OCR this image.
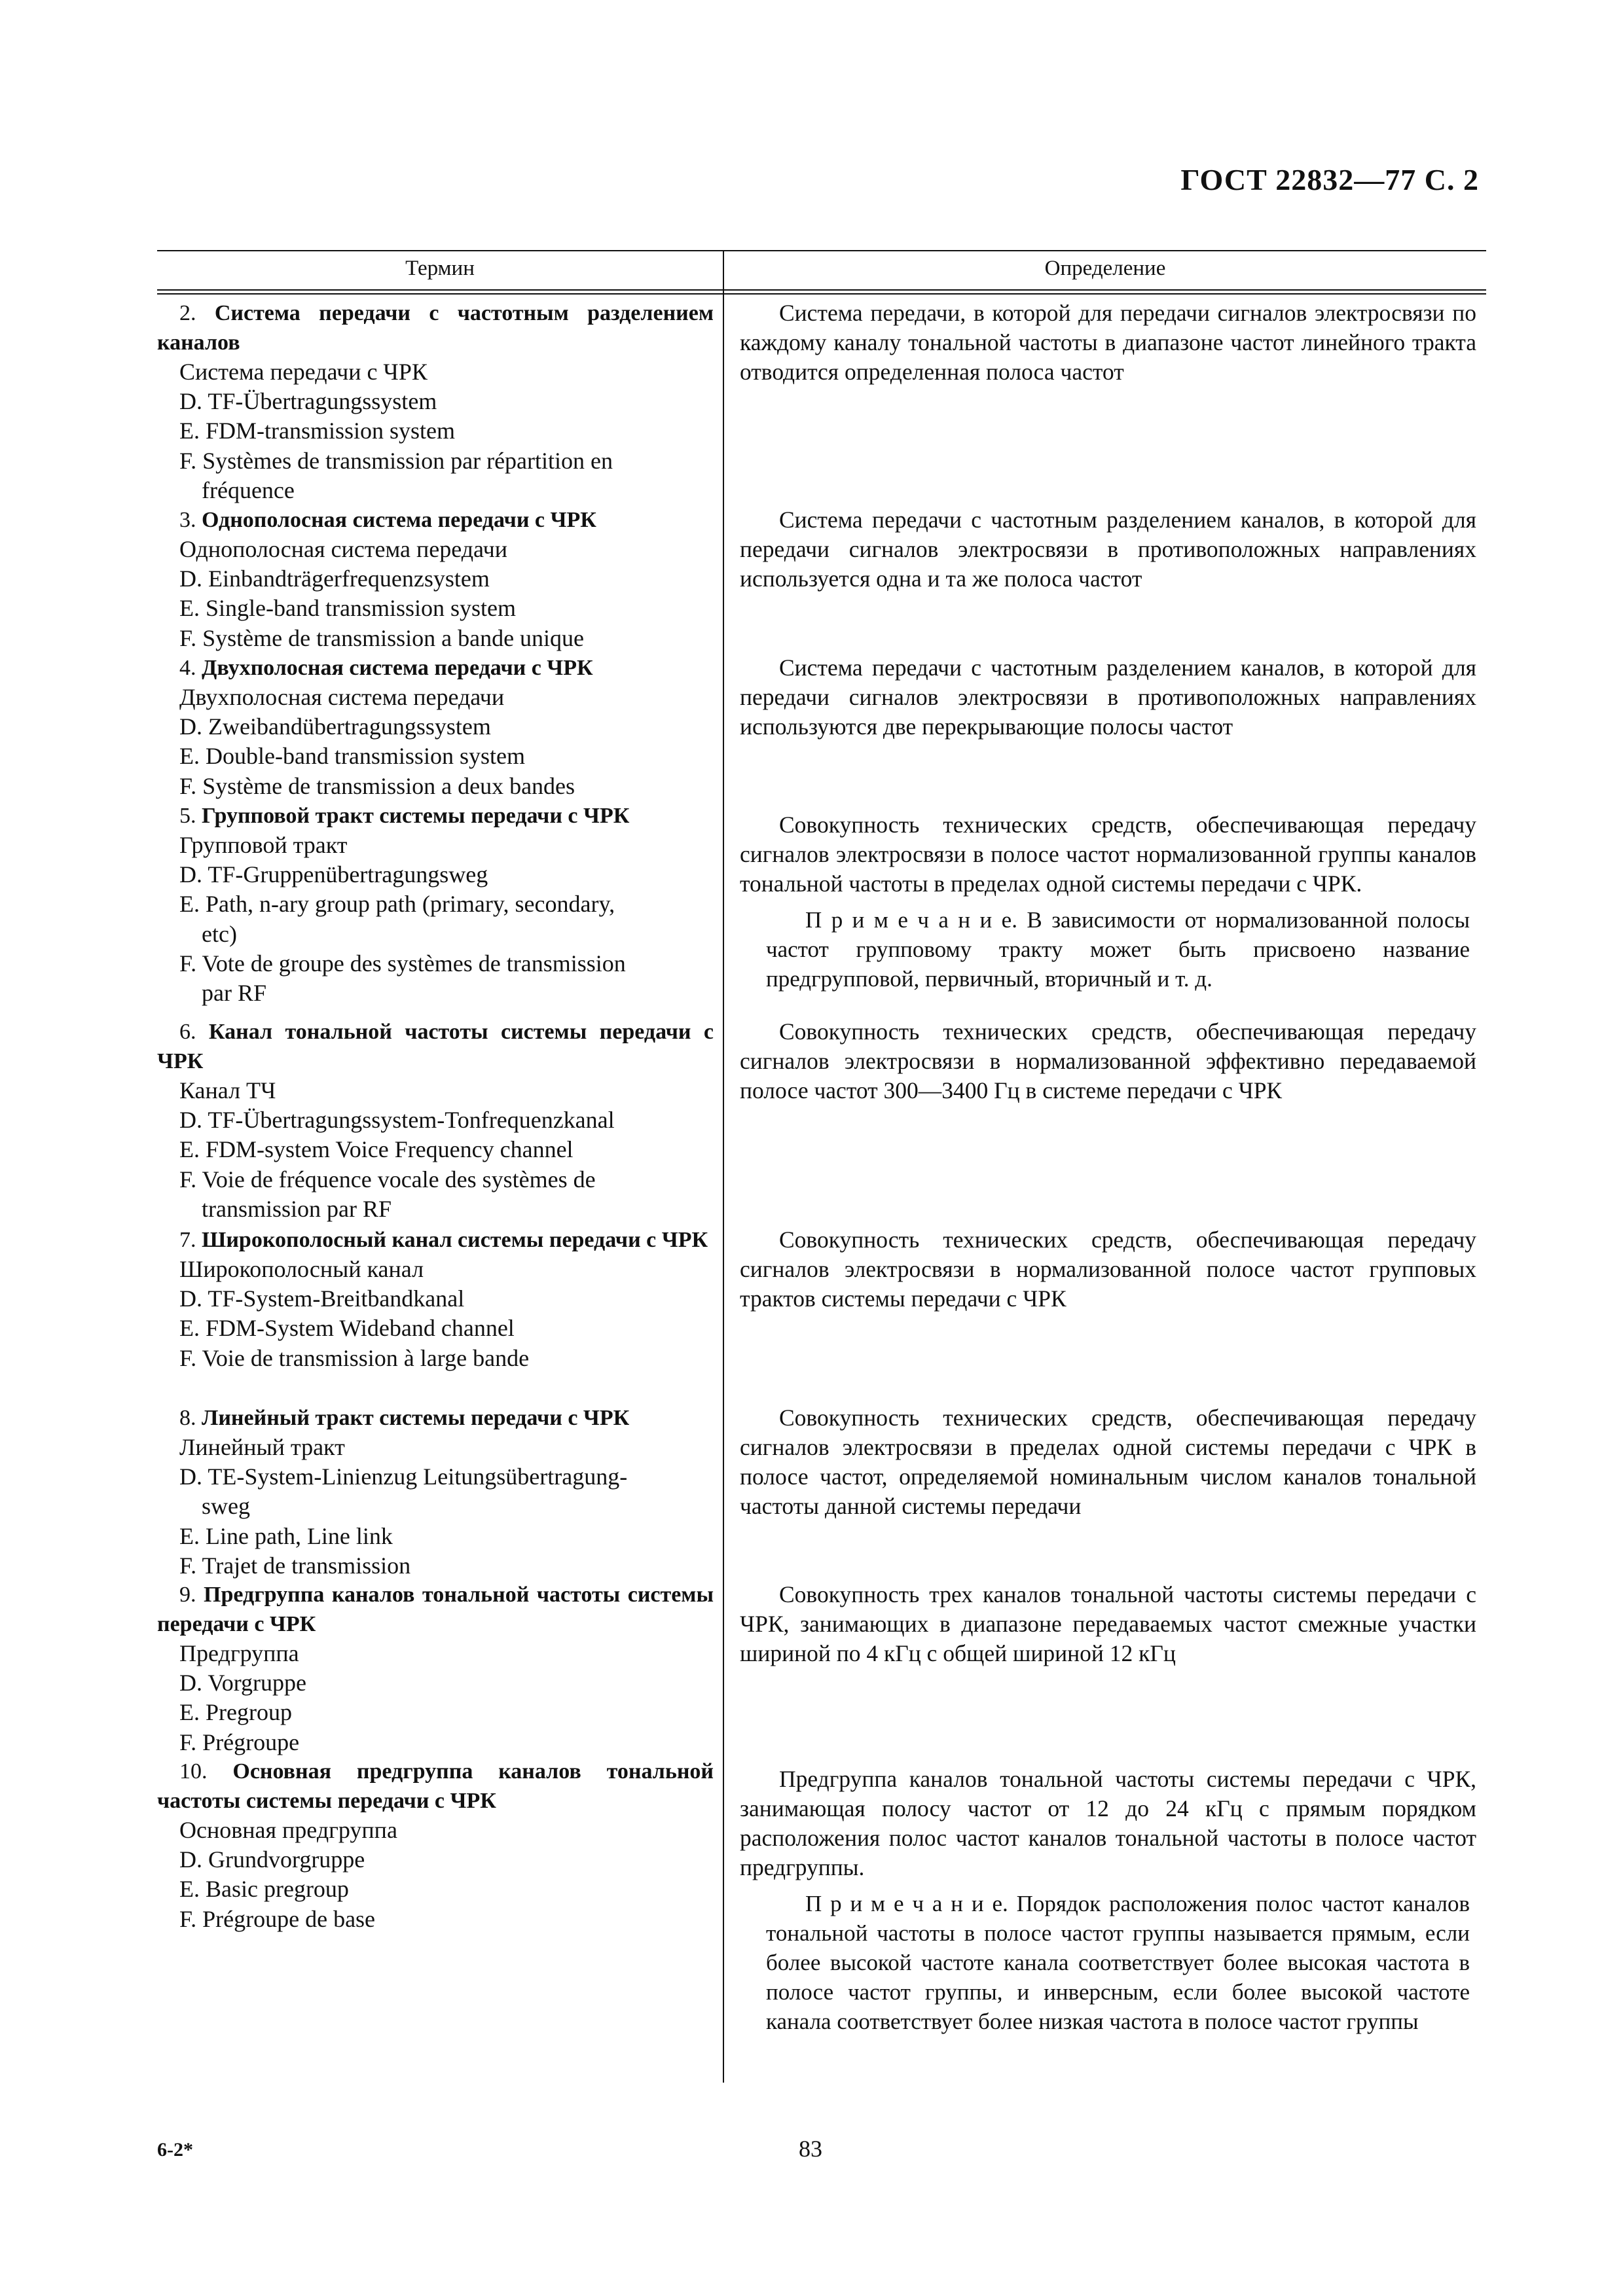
ГОСТ 22832—77 С. 2
Термин	Определение
2. Система передачи с частотным разделением каналов
Система передачи с ЧРК
D. TF-Übertragungssystem
E. FDM-transmission system
F. Systèmes de transmission par répartition en
fréquence
3. Однополосная система передачи с ЧРК
Однополосная система передачи
D. Einbandträgerfrequenzsystem
E. Single-band transmission system
F. Système de transmission a bande unique
4. Двухполосная система передачи с ЧРК
Двухполосная система передачи
D. Zweibandübertragungssystem
E. Double-band transmission system
F. Système de transmission a deux bandes
5. Групповой тракт системы передачи с ЧРК
Групповой тракт
D. TF-Gruppenübertragungsweg
E. Path, n-ary group path (primary, secondary,
etc)
F. Vote de groupe des systèmes de transmission
par RF
6. Канал тональной частоты системы передачи с ЧРК
Канал ТЧ
D. TF-Übertragungssystem-Tonfrequenzkanal
E. FDM-system Voice Frequency channel
F. Voie de fréquence vocale des systèmes de
transmission par RF
7. Широкополосный канал системы передачи с ЧРК
Широкополосный канал
D. TF-System-Breitbandkanal
E. FDM-System Wideband channel
F. Voie de transmission à large bande
8. Линейный тракт системы передачи с ЧРК
Линейный тракт
D. TE-System-Linienzug Leitungsübertragung-
sweg
E. Line path, Line link
F. Trajet de transmission
9. Предгруппа каналов тональной частоты системы передачи с ЧРК
Предгруппа
D. Vorgruppe
E. Pregroup
F. Prégroupe
10. Основная предгруппа каналов тональной частоты системы передачи с ЧРК
Основная предгруппа
D. Grundvorgruppe
E. Basic pregroup
F. Prégroupe de base
Система передачи, в которой для передачи сигналов электросвязи по каждому каналу тональной частоты в диапазоне частот линейного тракта отводится определенная полоса частот
Система передачи с частотным разделением каналов, в которой для передачи сигналов электросвязи в противоположных направлениях используется одна и та же полоса частот
Система передачи с частотным разделением каналов, в которой для передачи сигналов электросвязи в противоположных направлениях используются две перекрывающие полосы частот
Совокупность технических средств, обеспечивающая передачу сигналов электросвязи в полосе частот нормализованной группы каналов тональной частоты в пределах одной системы передачи с ЧРК.
П р и м е ч а н и е. В зависимости от нормализованной полосы частот групповому тракту может быть присвоено название предгрупповой, первичный, вторичный и т. д.
Совокупность технических средств, обеспечивающая передачу сигналов электросвязи в нормализованной эффективно передаваемой полосе частот 300—3400 Гц в системе передачи с ЧРК
Совокупность технических средств, обеспечивающая передачу сигналов электросвязи в нормализованной полосе частот групповых трактов системы передачи с ЧРК
Совокупность технических средств, обеспечивающая передачу сигналов электросвязи в пределах одной системы передачи с ЧРК в полосе частот, определяемой номинальным числом каналов тональной частоты данной системы передачи
Совокупность трех каналов тональной частоты системы передачи с ЧРК, занимающих в диапазоне передаваемых частот смежные участки шириной по 4 кГц с общей шириной 12 кГц
Предгруппа каналов тональной частоты системы передачи с ЧРК, занимающая полосу частот от 12 до 24 кГц с прямым порядком расположения полос частот каналов тональной частоты в полосе частот предгруппы.
П р и м е ч а н и е. Порядок расположения полос частот каналов тональной частоты в полосе частот группы называется прямым, если более высокой частоте канала соответствует более высокая частота в полосе частот группы, и инверсным, если более высокой частоте канала соответствует более низкая частота в полосе частот группы
6-2*	83
